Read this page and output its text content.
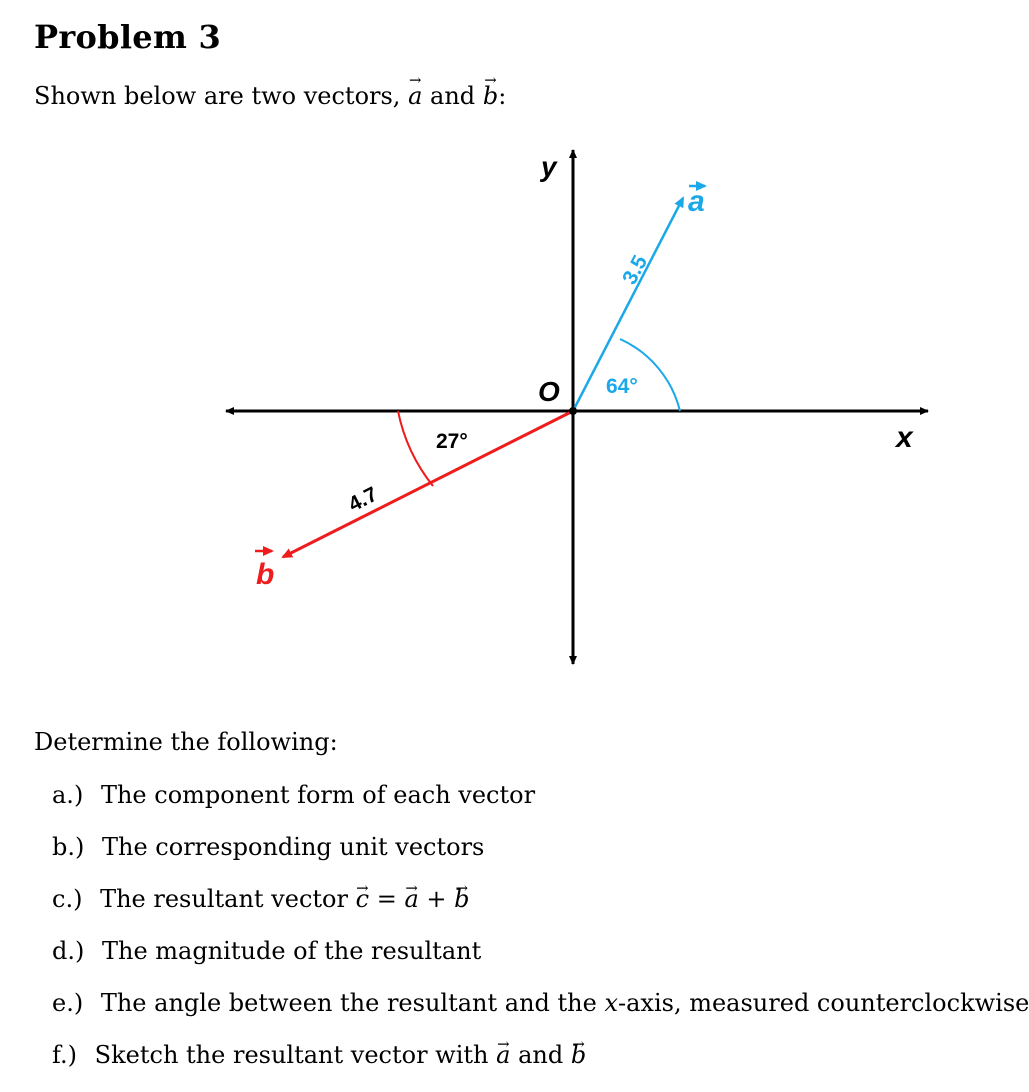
Problem 3

Shown below are two vectors, → a and → b:

y
x
O 64°
27°
3.5
4.7
a
b

Determine the following:

a.) The component form of each vector
b.) The corresponding unit vectors
c.) The resultant vector → c = → a + → b
d.) The magnitude of the resultant
e.) The angle between the resultant and the x-axis, measured counterclockwise
f.) Sketch the resultant vector with → a and → b
